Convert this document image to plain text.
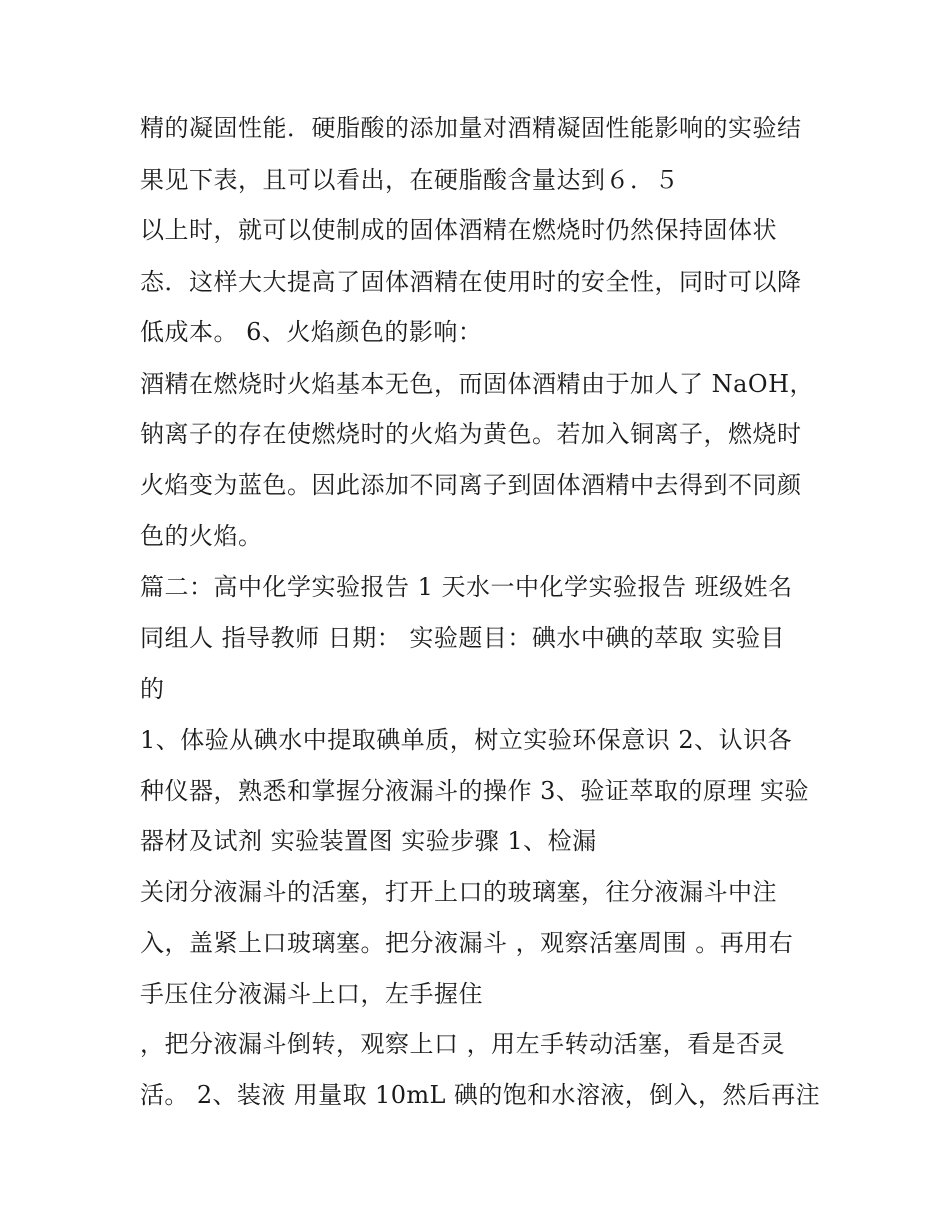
精的凝固性能．硬脂酸的添加量对酒精凝固性能影响的实验结
果见下表，且可以看出，在硬脂酸含量达到６．５
以上时，就可以使制成的固体酒精在燃烧时仍然保持固体状
态．这样大大提高了固体酒精在使用时的安全性，同时可以降
低成本。 6、火焰颜色的影响：
酒精在燃烧时火焰基本无色，而固体酒精由于加人了 NaOH，
钠离子的存在使燃烧时的火焰为黄色。若加入铜离子，燃烧时
火焰变为蓝色。因此添加不同离子到固体酒精中去得到不同颜
色的火焰。
篇二：高中化学实验报告 1 天水一中化学实验报告 班级姓名
同组人 指导教师 日期： 实验题目：碘水中碘的萃取 实验目
的
1、体验从碘水中提取碘单质，树立实验环保意识 2、认识各
种仪器，熟悉和掌握分液漏斗的操作 3、验证萃取的原理 实验
器材及试剂 实验装置图 实验步骤 1、检漏
关闭分液漏斗的活塞，打开上口的玻璃塞，往分液漏斗中注
入，盖紧上口玻璃塞。把分液漏斗 ，观察活塞周围 。再用右
手压住分液漏斗上口，左手握住
，把分液漏斗倒转，观察上口 ，用左手转动活塞，看是否灵
活。 2、装液 用量取 10mL 碘的饱和水溶液，倒入，然后再注
